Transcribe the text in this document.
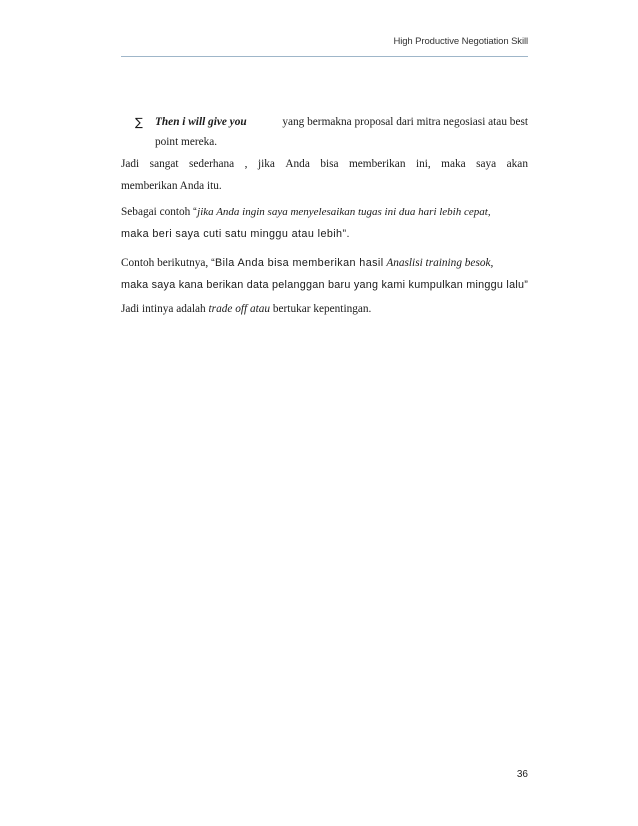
High Productive Negotiation Skill
∑ Then i will give you	yang bermakna proposal dari mitra negosiasi atau best
point mereka.
Jadi sangat sederhana , jika Anda bisa memberikan ini, maka saya akan
memberikan Anda itu.
Sebagai contoh “jika Anda ingin saya menyelesaikan tugas ini dua hari lebih cepat,
maka beri saya cuti satu minggu atau lebih”.
Contoh berikutnya, “Bila Anda bisa memberikan hasil Anaslisi training besok,
maka saya kana berikan data pelanggan baru yang kami kumpulkan minggu lalu”
Jadi intinya adalah trade off atau bertukar kepentingan.
36
